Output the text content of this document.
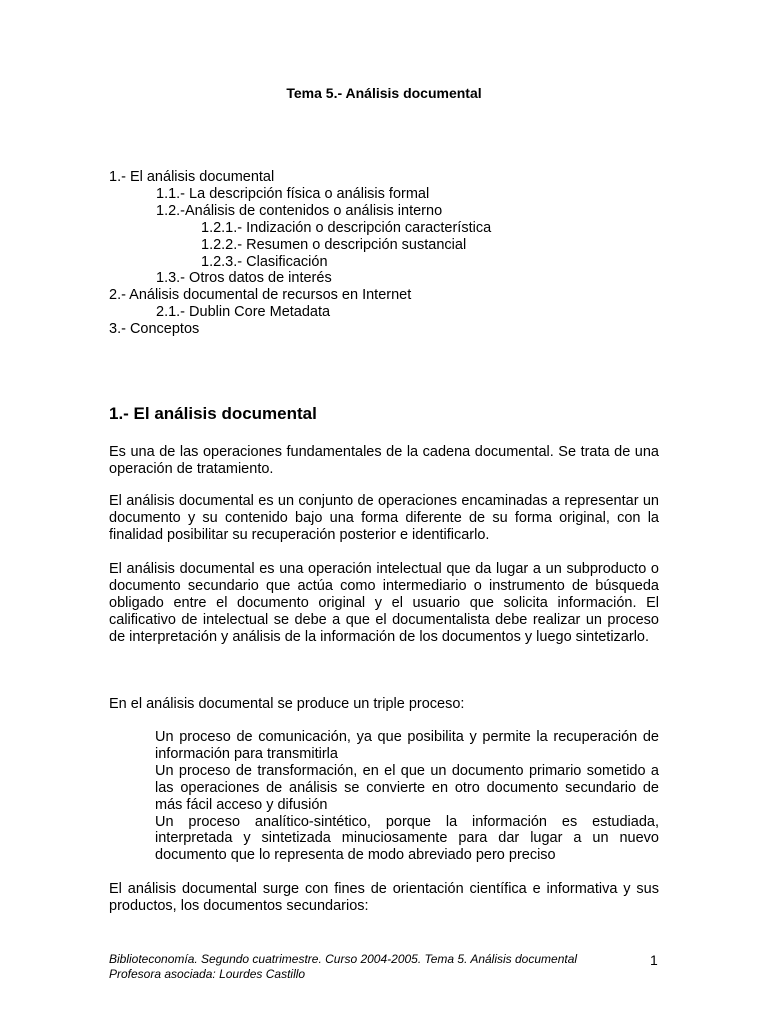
Tema 5.- Análisis documental
1.- El análisis documental
1.1.- La descripción física o análisis formal
1.2.-Análisis de contenidos o análisis interno
1.2.1.- Indización o descripción característica
1.2.2.- Resumen o descripción sustancial
1.2.3.- Clasificación
1.3.- Otros datos de interés
2.- Análisis documental de recursos en Internet
2.1.- Dublin Core Metadata
3.- Conceptos
1.- El análisis documental

Es una de las operaciones fundamentales de la cadena documental. Se trata de una operación de tratamiento.

El análisis documental es un conjunto de operaciones encaminadas a representar un documento y su contenido bajo una forma diferente de su forma original, con la finalidad posibilitar su recuperación posterior e identificarlo.

El análisis documental es una operación intelectual que da lugar a un subproducto o documento secundario que actúa como intermediario o instrumento de búsqueda obligado entre el documento original y el usuario que solicita información. El calificativo de intelectual se debe a que el documentalista debe realizar un proceso de interpretación y análisis de la información de los documentos y luego sintetizarlo.

En el análisis documental se produce un triple proceso:

Un proceso de comunicación, ya que posibilita y permite la recuperación de información para transmitirla

Un proceso de transformación, en el que un documento primario sometido a las operaciones de análisis se convierte en otro documento secundario de más fácil acceso y difusión

Un proceso analítico-sintético, porque la información es estudiada, interpretada y sintetizada minuciosamente para dar lugar a un nuevo documento que lo representa de modo abreviado pero preciso

El análisis documental surge con fines de orientación científica e informativa y sus productos, los documentos secundarios:

Biblioteconomía. Segundo cuatrimestre. Curso 2004-2005. Tema 5. Análisis documental
Profesora asociada: Lourdes Castillo
1
